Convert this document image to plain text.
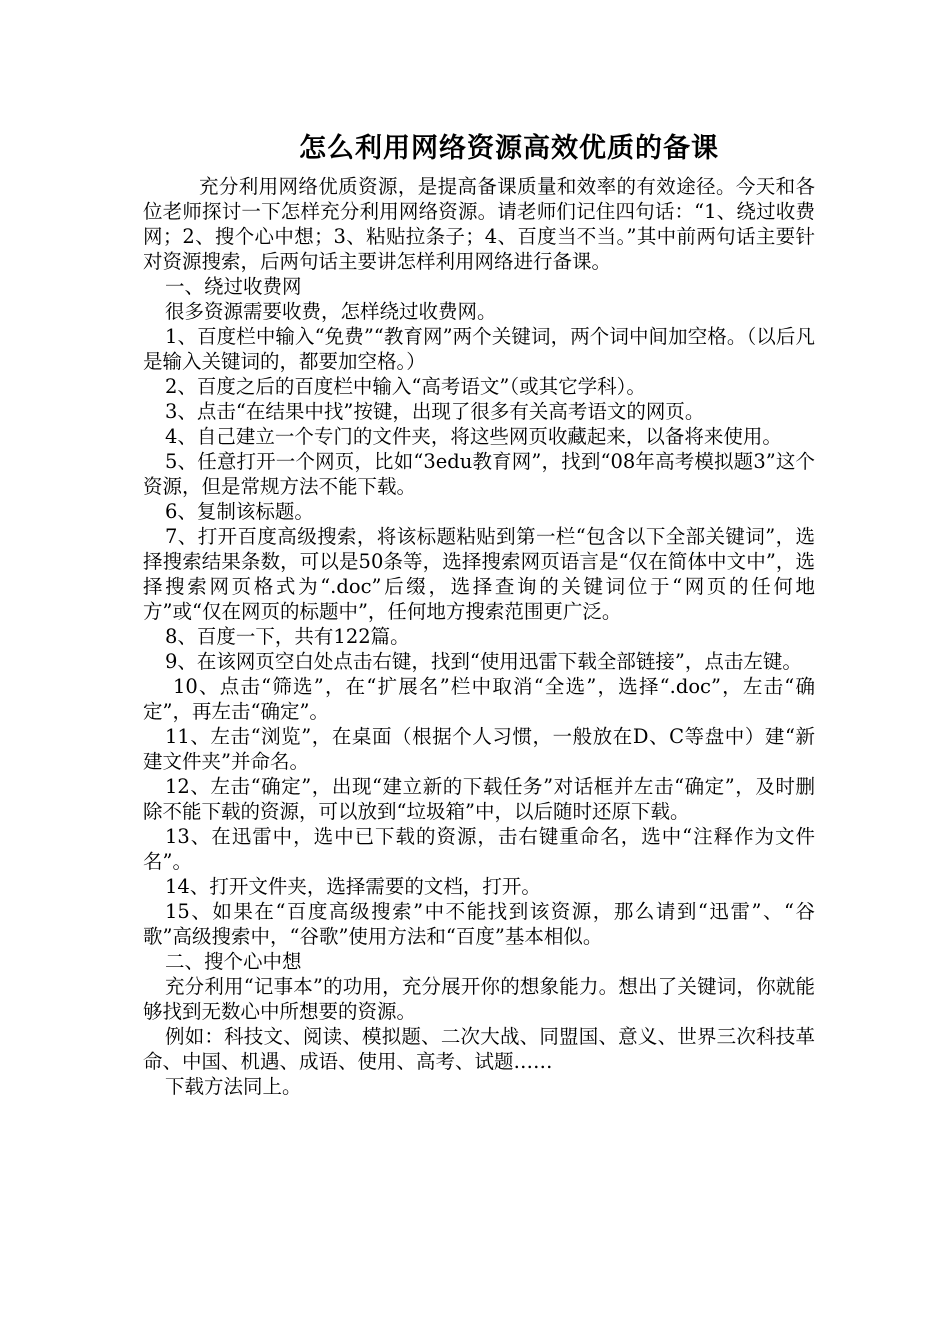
怎么利用网络资源高效优质的备课

充分利用网络优质资源，是提高备课质量和效率的有效途径。今天和各位老师探讨一下怎样充分利用网络资源。请老师们记住四句话：“1、绕过收费网；2、搜个心中想；3、粘贴拉条子；4、百度当不当。”其中前两句话主要针对资源搜索，后两句话主要讲怎样利用网络进行备课。

一、绕过收费网

很多资源需要收费，怎样绕过收费网。

1、百度栏中输入“免费”“教育网”两个关键词，两个词中间加空格。（以后凡是输入关键词的，都要加空格。）

2、百度之后的百度栏中输入“高考语文”（或其它学科）。

3、点击“在结果中找”按键，出现了很多有关高考语文的网页。

4、自己建立一个专门的文件夹，将这些网页收藏起来，以备将来使用。

5、任意打开一个网页，比如“3edu教育网”，找到“08年高考模拟题3”这个资源，但是常规方法不能下载。

6、复制该标题。

7、打开百度高级搜索，将该标题粘贴到第一栏“包含以下全部关键词”，选择搜索结果条数，可以是50条等，选择搜索网页语言是“仅在简体中文中”，选择搜索网页格式为“.doc”后缀，选择查询的关键词位于“网页的任何地方”或“仅在网页的标题中”，任何地方搜索范围更广泛。

8、百度一下，共有122篇。

9、在该网页空白处点击右键，找到“使用迅雷下载全部链接”，点击左键。

10、点击“筛选”，在“扩展名”栏中取消“全选”，选择“.doc”，左击“确定”，再左击“确定”。

11、左击“浏览”，在桌面（根据个人习惯，一般放在D、C等盘中）建“新建文件夹”并命名。

12、左击“确定”，出现“建立新的下载任务”对话框并左击“确定”，及时删除不能下载的资源，可以放到“垃圾箱”中，以后随时还原下载。

13、在迅雷中，选中已下载的资源，击右键重命名，选中“注释作为文件名”。

14、打开文件夹，选择需要的文档，打开。

15、如果在“百度高级搜索”中不能找到该资源，那么请到“迅雷”、“谷歌”高级搜索中，“谷歌”使用方法和“百度”基本相似。

二、搜个心中想

充分利用“记事本”的功用，充分展开你的想象能力。想出了关键词，你就能够找到无数心中所想要的资源。

例如：科技文、阅读、模拟题、二次大战、同盟国、意义、世界三次科技革命、中国、机遇、成语、使用、高考、试题……

下载方法同上。
